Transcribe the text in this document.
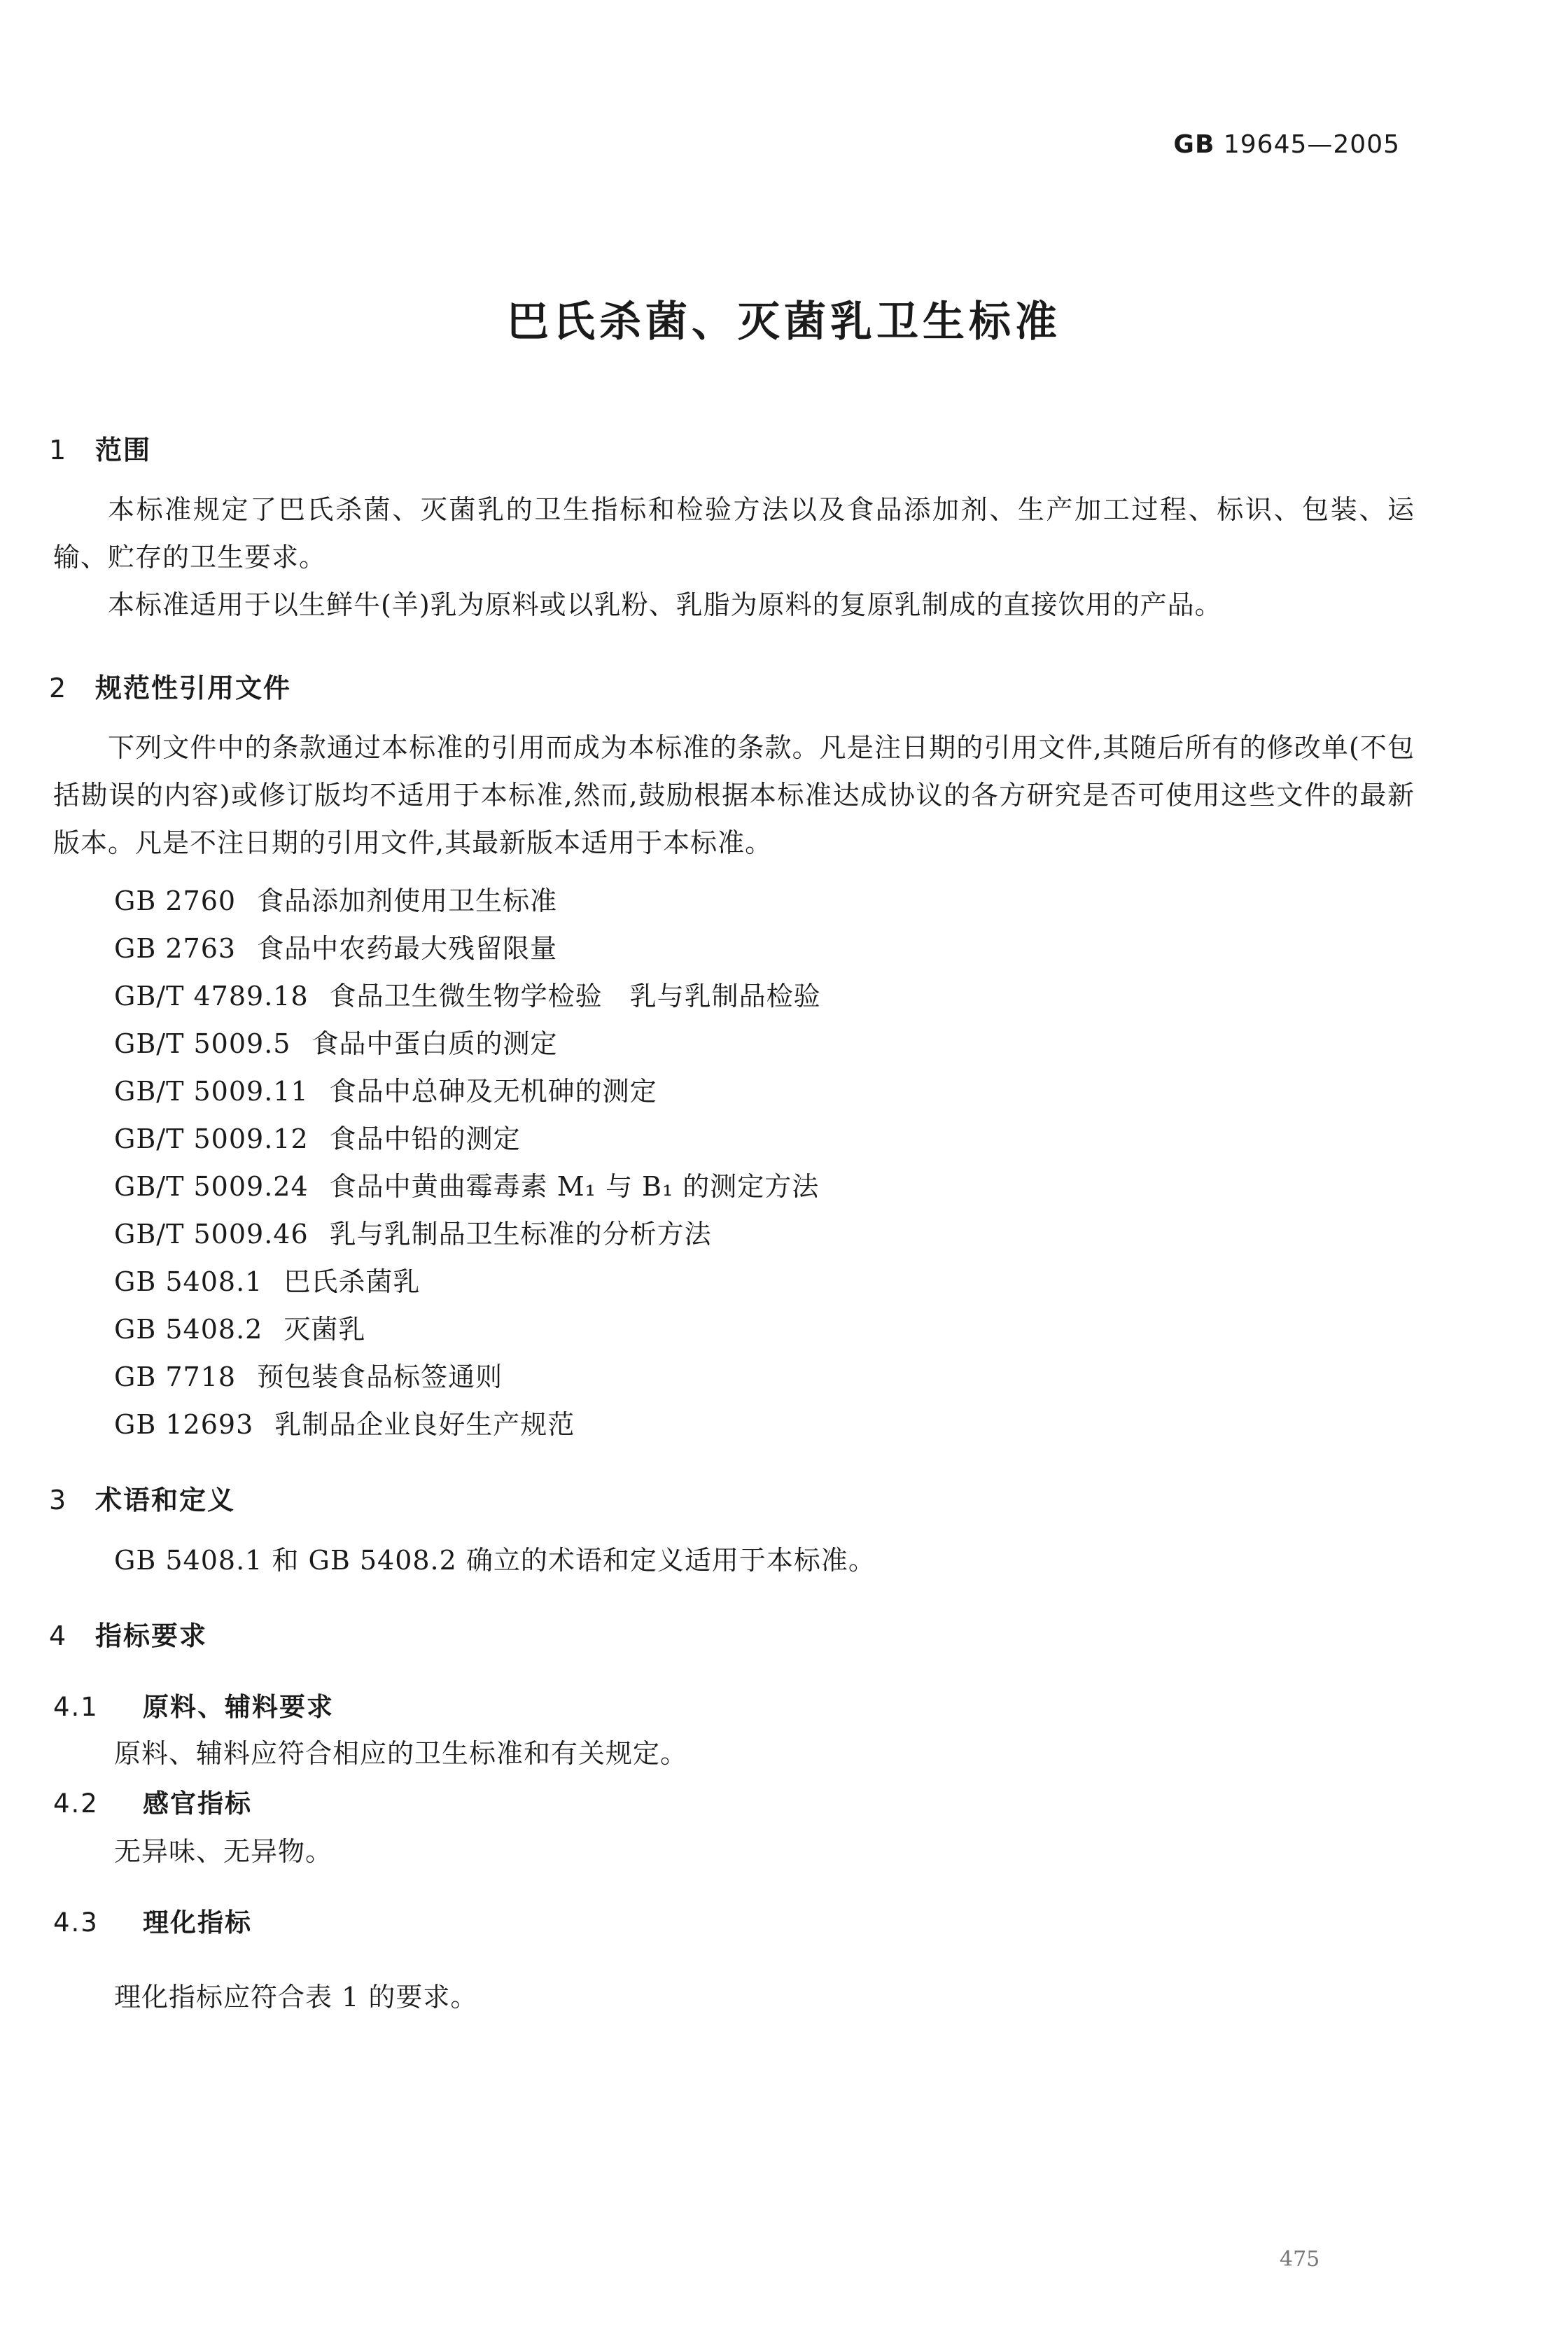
GB 19645—2005
巴氏杀菌、灭菌乳卫生标准
1 范围
本标准规定了巴氏杀菌、灭菌乳的卫生指标和检验方法以及食品添加剂、生产加工过程、标识、包装、运输、贮存的卫生要求。
本标准适用于以生鲜牛(羊)乳为原料或以乳粉、乳脂为原料的复原乳制成的直接饮用的产品。
2 规范性引用文件
下列文件中的条款通过本标准的引用而成为本标准的条款。凡是注日期的引用文件,其随后所有的修改单(不包括勘误的内容)或修订版均不适用于本标准,然而,鼓励根据本标准达成协议的各方研究是否可使用这些文件的最新版本。凡是不注日期的引用文件,其最新版本适用于本标准。
GB 2760 食品添加剂使用卫生标准
GB 2763 食品中农药最大残留限量
GB/T 4789.18 食品卫生微生物学检验　乳与乳制品检验
GB/T 5009.5 食品中蛋白质的测定
GB/T 5009.11 食品中总砷及无机砷的测定
GB/T 5009.12 食品中铅的测定
GB/T 5009.24 食品中黄曲霉毒素 M₁ 与 B₁ 的测定方法
GB/T 5009.46 乳与乳制品卫生标准的分析方法
GB 5408.1 巴氏杀菌乳
GB 5408.2 灭菌乳
GB 7718 预包装食品标签通则
GB 12693 乳制品企业良好生产规范
3 术语和定义
GB 5408.1 和 GB 5408.2 确立的术语和定义适用于本标准。
4 指标要求
4.1 原料、辅料要求
原料、辅料应符合相应的卫生标准和有关规定。
4.2 感官指标
无异味、无异物。
4.3 理化指标
理化指标应符合表 1 的要求。
475
